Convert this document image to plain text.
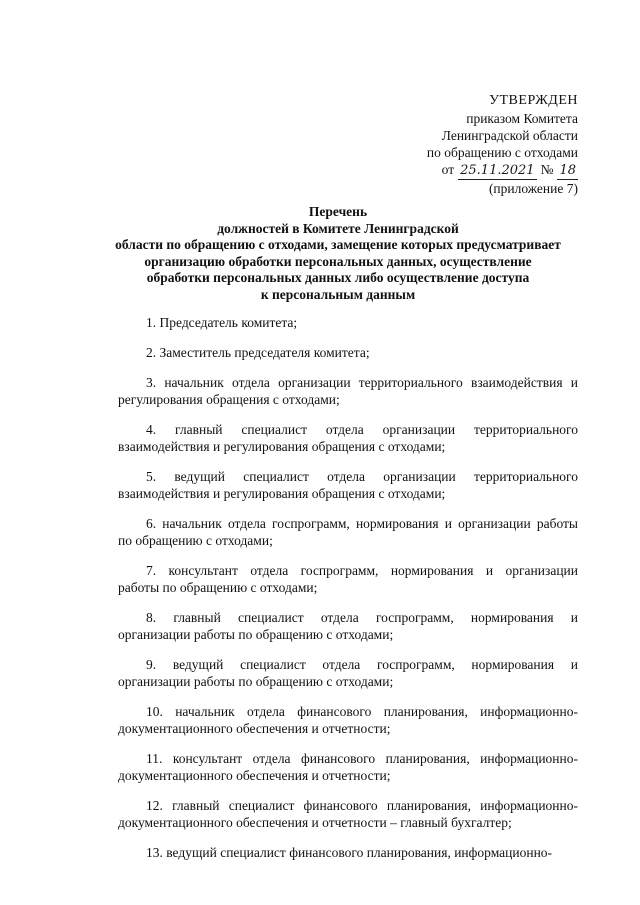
УТВЕРЖДЕН
приказом Комитета
Ленинградской области
по обращению с отходами
от 25.11.2021 № 18
(приложение 7)
Перечень
должностей в Комитете Ленинградской
области по обращению с отходами, замещение которых предусматривает
организацию обработки персональных данных, осуществление
обработки персональных данных либо осуществление доступа
к персональным данным
1. Председатель комитета;
2. Заместитель председателя комитета;
3. начальник отдела организации территориального взаимодействия и
регулирования обращения с отходами;
4. главный специалист отдела организации территориального
взаимодействия и регулирования обращения с отходами;
5. ведущий специалист отдела организации территориального
взаимодействия и регулирования обращения с отходами;
6. начальник отдела госпрограмм, нормирования и организации работы
по обращению с отходами;
7. консультант отдела госпрограмм, нормирования и организации
работы по обращению с отходами;
8. главный специалист отдела госпрограмм, нормирования и
организации работы по обращению с отходами;
9. ведущий специалист отдела госпрограмм, нормирования и
организации работы по обращению с отходами;
10. начальник отдела финансового планирования, информационно-
документационного обеспечения и отчетности;
11. консультант отдела финансового планирования, информационно-
документационного обеспечения и отчетности;
12. главный специалист финансового планирования, информационно-
документационного обеспечения и отчетности – главный бухгалтер;
13. ведущий специалист финансового планирования, информационно-
